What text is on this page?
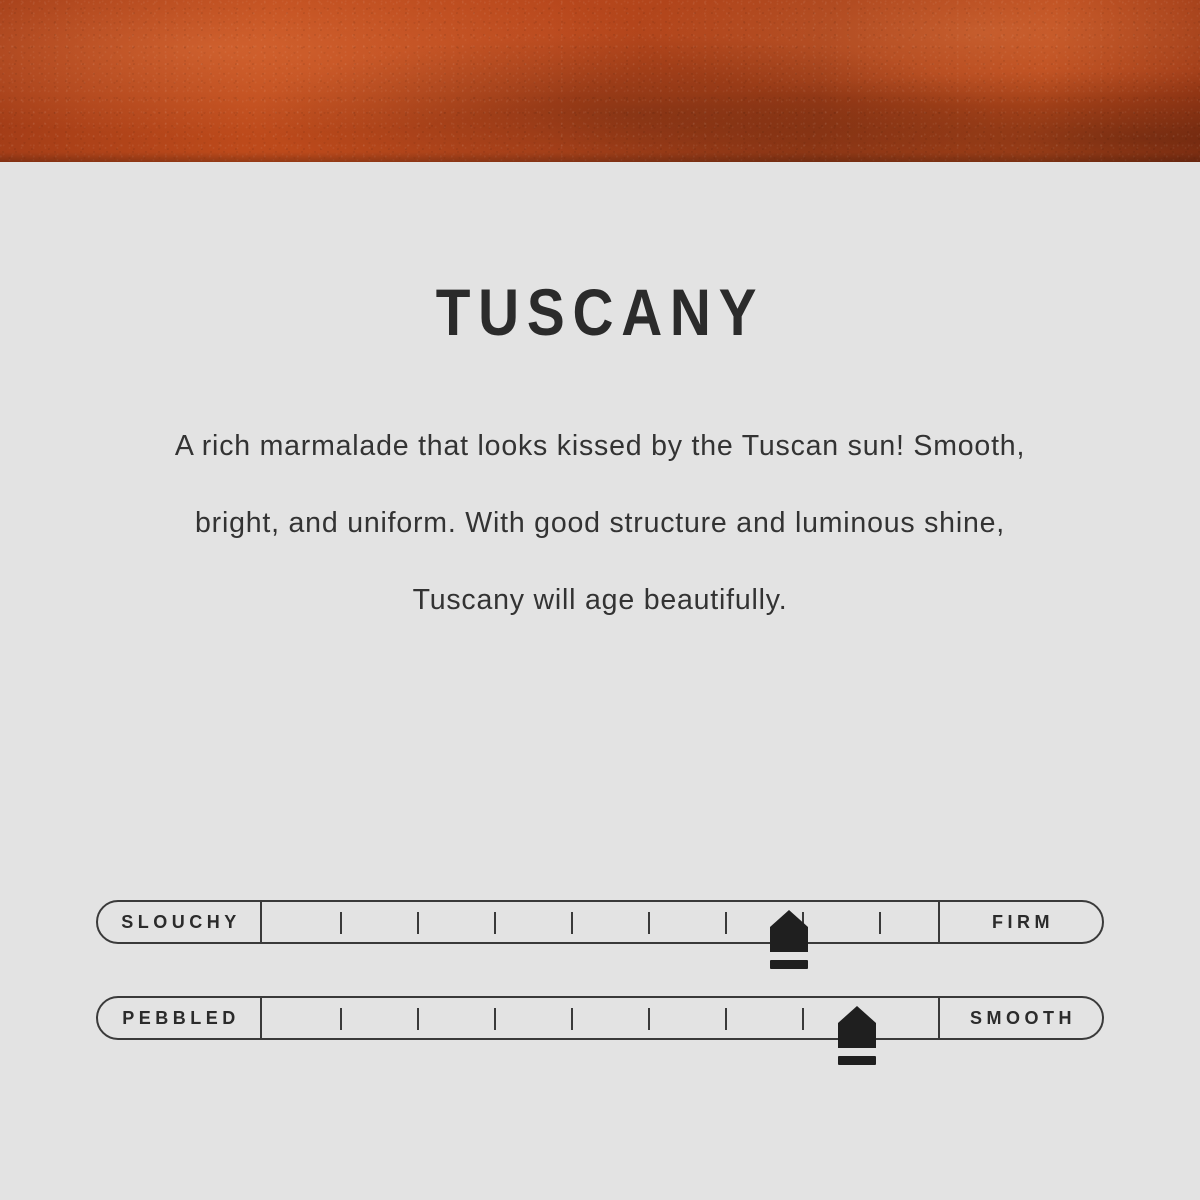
TUSCANY

A rich marmalade that looks kissed by the Tuscan sun! Smooth, bright, and uniform. With good structure and luminous shine, Tuscany will age beautifully.

SLOUCHY	FIRM
PEBBLED	SMOOTH
